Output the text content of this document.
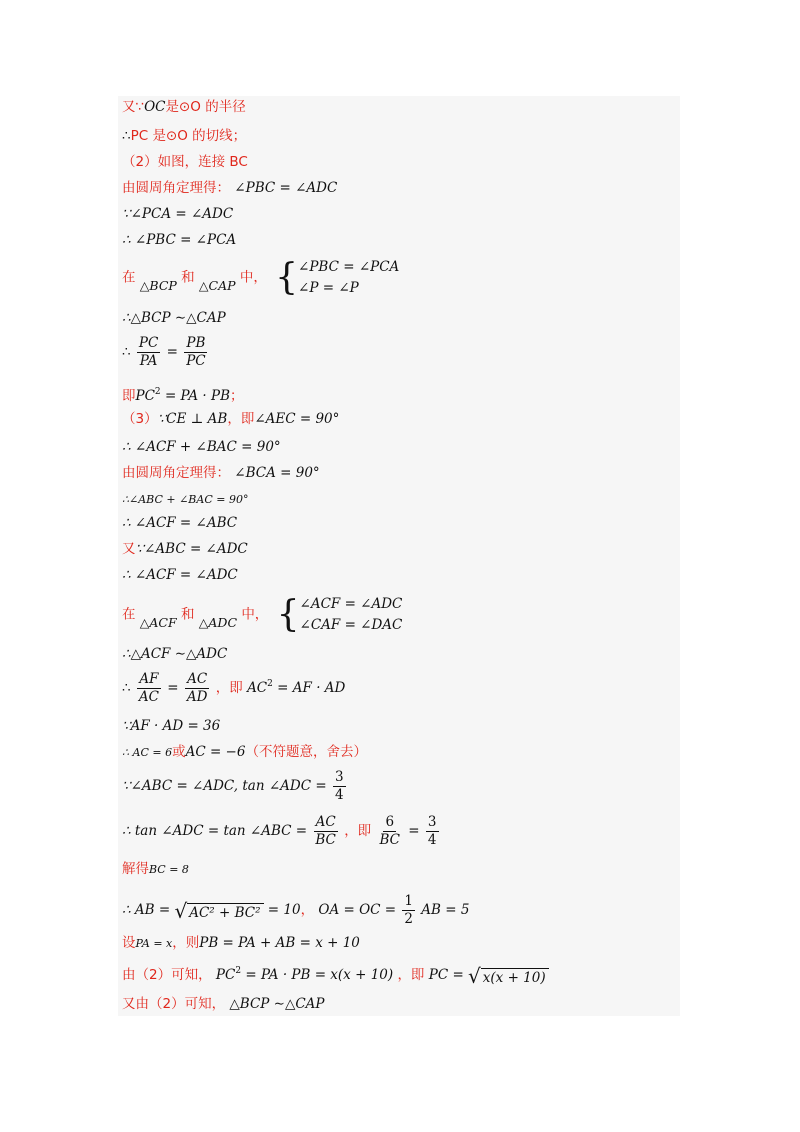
又∵OC是⊙O 的半径
∴PC 是⊙O 的切线；
（2）如图，连接 BC
由圆周角定理得： ∠PBC = ∠ADC
∵∠PCA = ∠ADC
∴ ∠PBC = ∠PCA
在 △BCP 和 △CAP 中， { ∠PBC = ∠PCA
∠P = ∠P
∴△BCP ∼△CAP
∴ $\frac{PC}{PA} = \frac{PB}{PC}$
即$PC^2$ = PA · PB；
（3）∵CE ⊥ AB，即∠AEC = 90°
∴ ∠ACF + ∠BAC = 90°
由圆周角定理得： ∠BCA = 90°
∴∠ABC + ∠BAC = 90°
∴ ∠ACF = ∠ABC
又∵∠ABC = ∠ADC
∴ ∠ACF = ∠ADC
在 △ACF 和 △ADC 中， { ∠ACF = ∠ADC
∠CAF = ∠DAC
∴△ACF ∼△ADC
∴ $\frac{AF}{AC} = \frac{AC}{AD}$ ，即 $AC^2$ = AF · AD
∵AF · AD = 36
∴ AC = 6或AC = −6（不符题意，舍去）
∵∠ABC = ∠ADC, tan ∠ADC = $\frac{3}{4}$
∴ tan ∠ADC = tan ∠ABC = $\frac{AC}{BC}$ ，即 $\frac{6}{BC} = \frac{3}{4}$
解得BC = 8
∴ AB = √ AC² + BC² = 10， OA = OC = $\frac{1}{2}$ AB = 5
设PA = x，则PB = PA + AB = x + 10
由（2）可知， $PC^2$ = PA · PB = x(x + 10) ，即 PC = √ x(x + 10)
又由（2）可知， △BCP ∼△CAP
